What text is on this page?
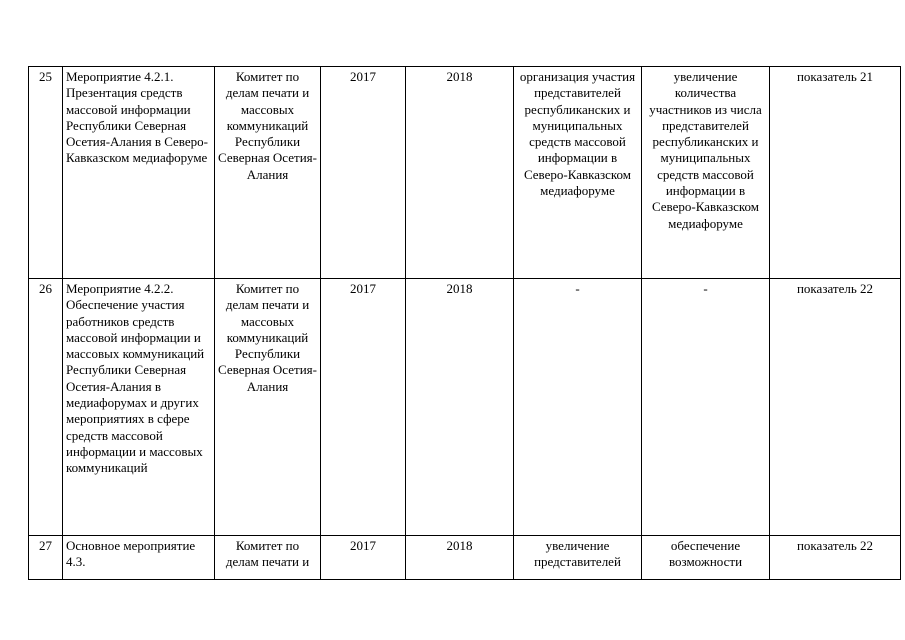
25	Мероприятие 4.2.1. Презентация средств массовой информации Республики Северная Осетия-Алания в Северо-Кавказском медиафоруме	Комитет по делам печати и массовых коммуникаций Республики Северная Осетия-Алания	2017	2018	организация участия представителей республиканских и муниципальных средств массовой информации в Северо-Кавказском медиафоруме	увеличение количества участников из числа представителей республиканских и муниципальных средств массовой информации в Северо-Кавказском медиафоруме	показатель 21
26	Мероприятие 4.2.2. Обеспечение участия работников средств массовой информации и массовых коммуникаций Республики Северная Осетия-Алания в медиафорумах и других мероприятиях в сфере средств массовой информации и массовых коммуникаций	Комитет по делам печати и массовых коммуникаций Республики Северная Осетия-Алания	2017	2018	-	-	показатель 22
27	Основное мероприятие 4.3.	Комитет по делам печати и	2017	2018	увеличение представителей	обеспечение возможности	показатель 22
